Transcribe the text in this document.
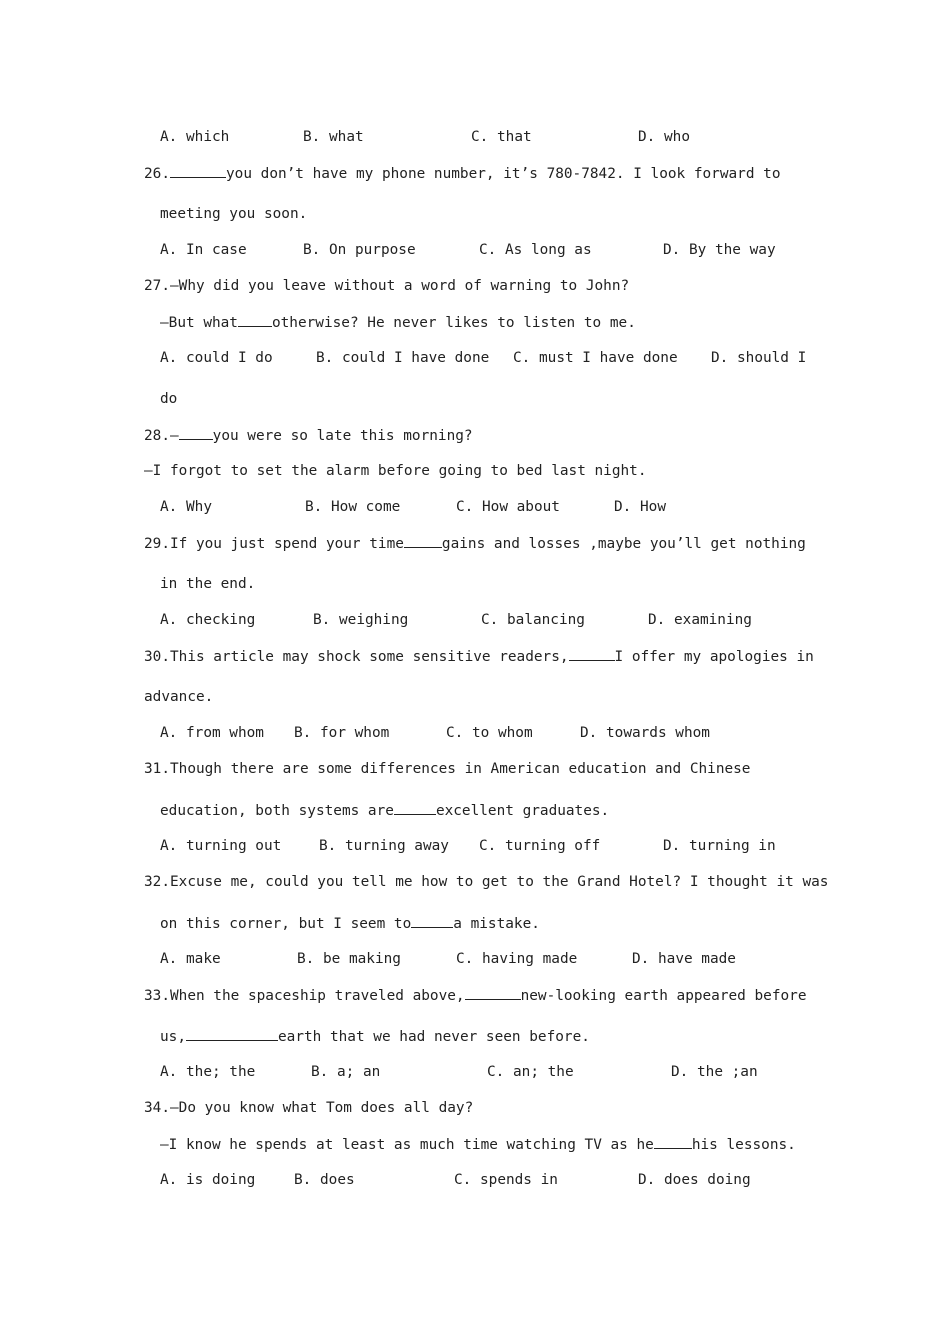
A. which	B. what	C. that	D. who
26.	you don’t have my phone number, it’s 780-7842. I look forward to
meeting you soon.
A. In case	B. On purpose	C. As long as	D. By the way
27.—Why did you leave without a word of warning to John?
—But what otherwise? He never likes to listen to me.
A. could I do	B. could I have done C. must I have done D. should I
do
28.— you were so late this morning?
—I forgot to set the alarm before going to bed last night.
A. Why	B. How come	C. How about	D. How
29.If you just spend your time	gains and losses ,maybe you’ll get nothing
in the end.
A. checking	B. weighing	C. balancing	D. examining
30.This article may shock some sensitive readers,	I offer my apologies in
advance.
A. from whom B. for whom	C. to whom	D. towards whom
31.Though there are some differences in American education and Chinese
education, both systems are	excellent graduates.
A. turning out	B. turning away C. turning off	D. turning in
32.Excuse me, could you tell me how to get to the Grand Hotel? I thought it was
on this corner, but I seem to	a mistake.
A. make	B. be making	C. having made	D. have made
33.When the spaceship traveled above,	new-looking earth appeared before
us,	earth that we had never seen before.
A. the; the	B. a; an	C. an; the	D. the ;an
34.—Do you know what Tom does all day?
—I know he spends at least as much time watching TV as he	his lessons.
A. is doing	B. does	C. spends in	D. does doing
